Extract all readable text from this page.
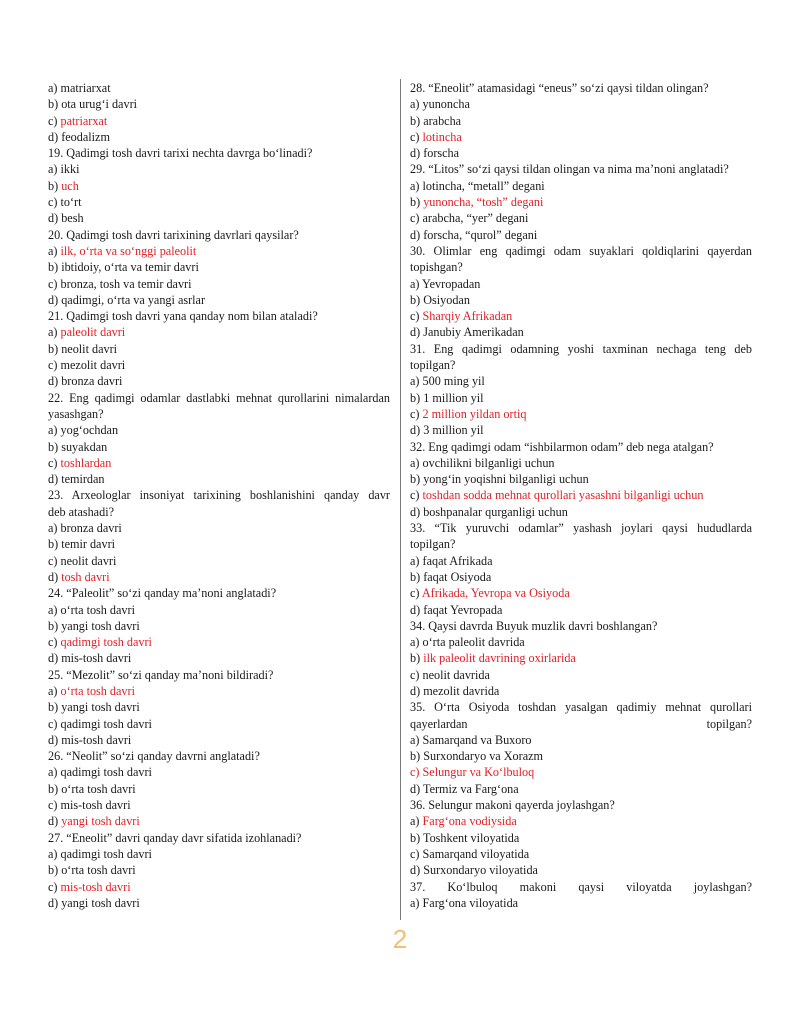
a) matriarxat
b) ota urug‘i davri
c) patriarxat
d) feodalizm
19. Qadimgi tosh davri tarixi nechta davrga bo‘linadi?
a) ikki
b) uch
c) to‘rt
d) besh
20. Qadimgi tosh davri tarixining davrlari qaysilar?
a) ilk, o‘rta va so‘nggi paleolit
b) ibtidoiy, o‘rta va temir davri
c) bronza, tosh va temir davri
d) qadimgi, o‘rta va yangi asrlar
21. Qadimgi tosh davri yana qanday nom bilan ataladi?
a) paleolit davri
b) neolit davri
c) mezolit davri
d) bronza davri
22. Eng qadimgi odamlar dastlabki mehnat qurollarini nimalardan
yasashgan?
a) yog‘ochdan
b) suyakdan
c) toshlardan
d) temirdan
23. Arxeologlar insoniyat tarixining boshlanishini qanday davr
deb atashadi?
a) bronza davri
b) temir davri
c) neolit davri
d) tosh davri
24. “Paleolit” so‘zi qanday ma’noni anglatadi?
a) o‘rta tosh davri
b) yangi tosh davri
c) qadimgi tosh davri
d) mis-tosh davri
25. “Mezolit” so‘zi qanday ma’noni bildiradi?
a) o‘rta tosh davri
b) yangi tosh davri
c) qadimgi tosh davri
d) mis-tosh davri
26. “Neolit” so‘zi qanday davrni anglatadi?
a) qadimgi tosh davri
b) o‘rta tosh davri
c) mis-tosh davri
d) yangi tosh davri
27. “Eneolit” davri qanday davr sifatida izohlanadi?
a) qadimgi tosh davri
b) o‘rta tosh davri
c) mis-tosh davri
d) yangi tosh davri
28. “Eneolit” atamasidagi “eneus” so‘zi qaysi tildan olingan?
a) yunoncha
b) arabcha
c) lotincha
d) forscha
29. “Litos” so‘zi qaysi tildan olingan va nima ma’noni anglatadi?
a) lotincha, “metall” degani
b) yunoncha, “tosh” degani
c) arabcha, “yer” degani
d) forscha, “qurol” degani
30. Olimlar eng qadimgi odam suyaklari qoldiqlarini qayerdan
topishgan?
a) Yevropadan
b) Osiyodan
c) Sharqiy Afrikadan
d) Janubiy Amerikadan
31. Eng qadimgi odamning yoshi taxminan nechaga teng deb
topilgan?
a) 500 ming yil
b) 1 million yil
c) 2 million yildan ortiq
d) 3 million yil
32. Eng qadimgi odam “ishbilarmon odam” deb nega atalgan?
a) ovchilikni bilganligi uchun
b) yong‘in yoqishni bilganligi uchun
c) toshdan sodda mehnat qurollari yasashni bilganligi uchun
d) boshpanalar qurganligi uchun
33. “Tik yuruvchi odamlar” yashash joylari qaysi hududlarda
topilgan?
a) faqat Afrikada
b) faqat Osiyoda
c) Afrikada, Yevropa va Osiyoda
d) faqat Yevropada
34. Qaysi davrda Buyuk muzlik davri boshlangan?
a) o‘rta paleolit davrida
b) ilk paleolit davrining oxirlarida
c) neolit davrida
d) mezolit davrida
35. O‘rta Osiyoda toshdan yasalgan qadimiy mehnat qurollari
qayerlardan topilgan?
a) Samarqand va Buxoro
b) Surxondaryo va Xorazm
c) Selungur va Ko‘lbuloq
d) Termiz va Farg‘ona
36. Selungur makoni qayerda joylashgan?
a) Farg‘ona vodiysida
b) Toshkent viloyatida
c) Samarqand viloyatida
d) Surxondaryo viloyatida
37. Ko‘lbuloq makoni qaysi viloyatda joylashgan?
a) Farg‘ona viloyatida
2
